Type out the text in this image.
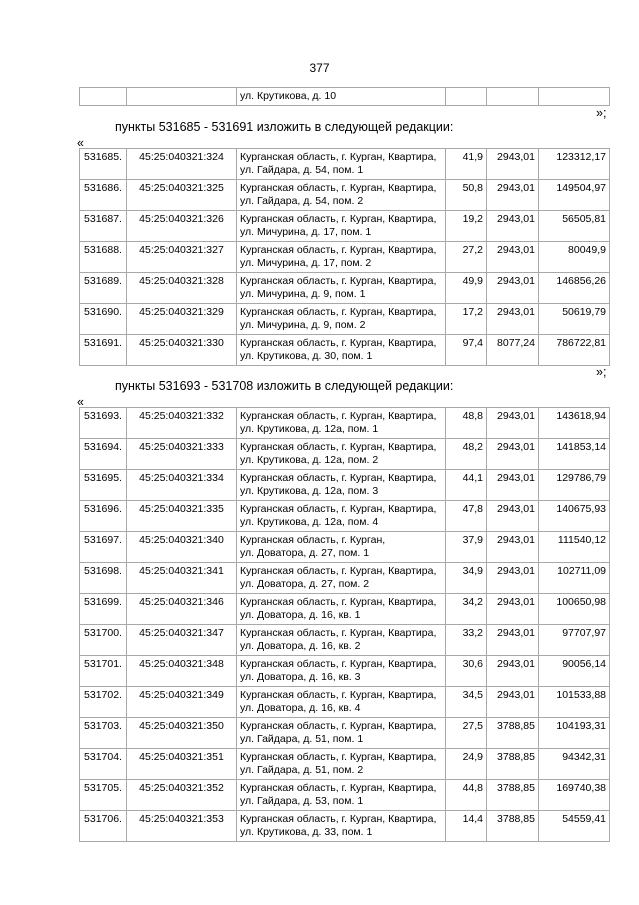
377
		ул. Крутикова, д. 10			
»;
пункты 531685 - 531691 изложить в следующей редакции:
«
531685.	45:25:040321:324	Курганская область, г. Курган, Квартира,
ул. Гайдара, д. 54, пом. 1	41,9	2943,01	123312,17
531686.	45:25:040321:325	Курганская область, г. Курган, Квартира,
ул. Гайдара, д. 54, пом. 2	50,8	2943,01	149504,97
531687.	45:25:040321:326	Курганская область, г. Курган, Квартира,
ул. Мичурина, д. 17, пом. 1	19,2	2943,01	56505,81
531688.	45:25:040321:327	Курганская область, г. Курган, Квартира,
ул. Мичурина, д. 17, пом. 2	27,2	2943,01	80049,9
531689.	45:25:040321:328	Курганская область, г. Курган, Квартира,
ул. Мичурина, д. 9, пом. 1	49,9	2943,01	146856,26
531690.	45:25:040321:329	Курганская область, г. Курган, Квартира,
ул. Мичурина, д. 9, пом. 2	17,2	2943,01	50619,79
531691.	45:25:040321:330	Курганская область, г. Курган, Квартира,
ул. Крутикова, д. 30, пом. 1	97,4	8077,24	786722,81
»;
пункты 531693 - 531708 изложить в следующей редакции:
«
531693.	45:25:040321:332	Курганская область, г. Курган, Квартира,
ул. Крутикова, д. 12а, пом. 1	48,8	2943,01	143618,94
531694.	45:25:040321:333	Курганская область, г. Курган, Квартира,
ул. Крутикова, д. 12а, пом. 2	48,2	2943,01	141853,14
531695.	45:25:040321:334	Курганская область, г. Курган, Квартира,
ул. Крутикова, д. 12а, пом. 3	44,1	2943,01	129786,79
531696.	45:25:040321:335	Курганская область, г. Курган, Квартира,
ул. Крутикова, д. 12а, пом. 4	47,8	2943,01	140675,93
531697.	45:25:040321:340	Курганская область, г. Курган,
ул. Доватора, д. 27, пом. 1	37,9	2943,01	111540,12
531698.	45:25:040321:341	Курганская область, г. Курган, Квартира,
ул. Доватора, д. 27, пом. 2	34,9	2943,01	102711,09
531699.	45:25:040321:346	Курганская область, г. Курган, Квартира,
ул. Доватора, д. 16, кв. 1	34,2	2943,01	100650,98
531700.	45:25:040321:347	Курганская область, г. Курган, Квартира,
ул. Доватора, д. 16, кв. 2	33,2	2943,01	97707,97
531701.	45:25:040321:348	Курганская область, г. Курган, Квартира,
ул. Доватора, д. 16, кв. 3	30,6	2943,01	90056,14
531702.	45:25:040321:349	Курганская область, г. Курган, Квартира,
ул. Доватора, д. 16, кв. 4	34,5	2943,01	101533,88
531703.	45:25:040321:350	Курганская область, г. Курган, Квартира,
ул. Гайдара, д. 51, пом. 1	27,5	3788,85	104193,31
531704.	45:25:040321:351	Курганская область, г. Курган, Квартира,
ул. Гайдара, д. 51, пом. 2	24,9	3788,85	94342,31
531705.	45:25:040321:352	Курганская область, г. Курган, Квартира,
ул. Гайдара, д. 53, пом. 1	44,8	3788,85	169740,38
531706.	45:25:040321:353	Курганская область, г. Курган, Квартира,
ул. Крутикова, д. 33, пом. 1	14,4	3788,85	54559,41
